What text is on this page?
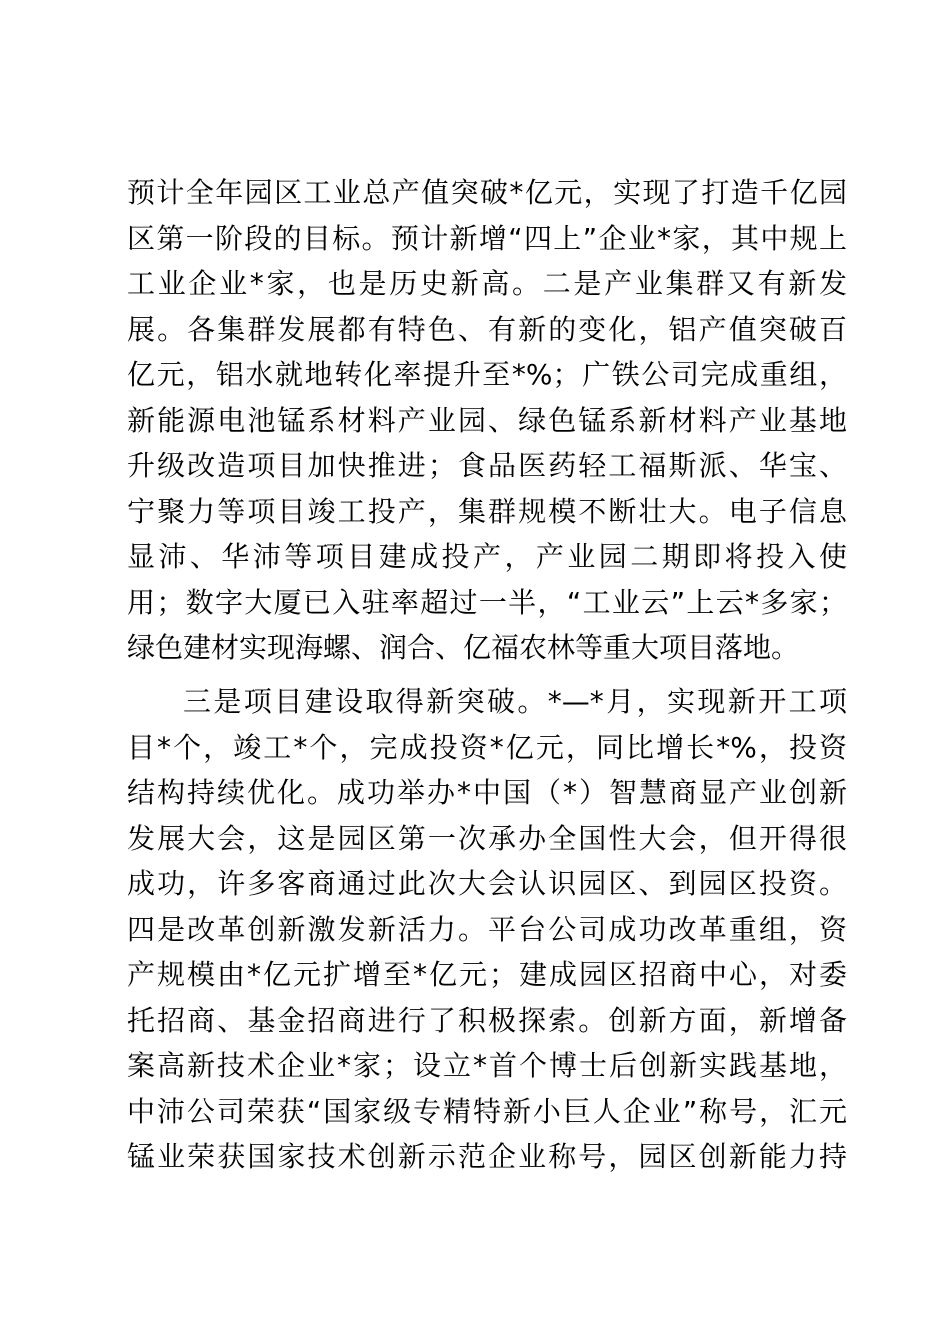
预计全年园区工业总产值突破*亿元，实现了打造千亿园
区第一阶段的目标。预计新增“四上”企业*家，其中规上
工业企业*家，也是历史新高。二是产业集群又有新发
展。各集群发展都有特色、有新的变化，铝产值突破百
亿元，铝水就地转化率提升至*%；广铁公司完成重组，
新能源电池锰系材料产业园、绿色锰系新材料产业基地
升级改造项目加快推进；食品医药轻工福斯派、华宝、
宁聚力等项目竣工投产，集群规模不断壮大。电子信息
显沛、华沛等项目建成投产，产业园二期即将投入使
用；数字大厦已入驻率超过一半，“工业云”上云*多家；
绿色建材实现海螺、润合、亿福农林等重大项目落地。
三是项目建设取得新突破。*—*月，实现新开工项
目*个，竣工*个，完成投资*亿元，同比增长*%，投资
结构持续优化。成功举办*中国（*）智慧商显产业创新
发展大会，这是园区第一次承办全国性大会，但开得很
成功，许多客商通过此次大会认识园区、到园区投资。
四是改革创新激发新活力。平台公司成功改革重组，资
产规模由*亿元扩增至*亿元；建成园区招商中心，对委
托招商、基金招商进行了积极探索。创新方面，新增备
案高新技术企业*家；设立*首个博士后创新实践基地，
中沛公司荣获“国家级专精特新小巨人企业”称号，汇元
锰业荣获国家技术创新示范企业称号，园区创新能力持
